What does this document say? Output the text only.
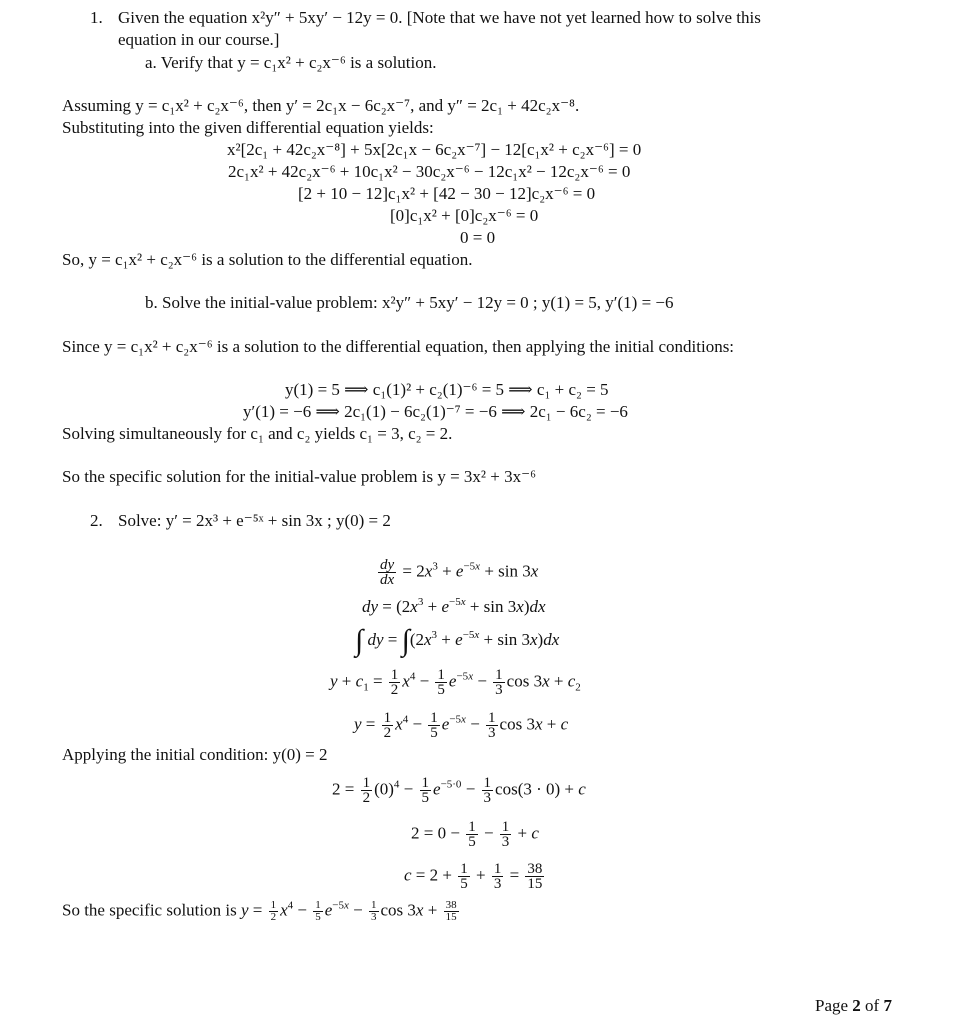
1. Given the equation x²y″ + 5xy′ − 12y = 0. [Note that we have not yet learned how to solve this
equation in our course.]
a. Verify that y = c₁x² + c₂x⁻⁶ is a solution.
Assuming y = c₁x² + c₂x⁻⁶, then y′ = 2c₁x − 6c₂x⁻⁷, and y″ = 2c₁ + 42c₂x⁻⁸.
Substituting into the given differential equation yields:
x²[2c₁ + 42c₂x⁻⁸] + 5x[2c₁x − 6c₂x⁻⁷] − 12[c₁x² + c₂x⁻⁶] = 0
2c₁x² + 42c₂x⁻⁶ + 10c₁x² − 30c₂x⁻⁶ − 12c₁x² − 12c₂x⁻⁶ = 0
[2 + 10 − 12]c₁x² + [42 − 30 − 12]c₂x⁻⁶ = 0
[0]c₁x² + [0]c₂x⁻⁶ = 0
0 = 0
So, y = c₁x² + c₂x⁻⁶ is a solution to the differential equation.
b. Solve the initial-value problem: x²y″ + 5xy′ − 12y = 0 ; y(1) = 5, y′(1) = −6
Since y = c₁x² + c₂x⁻⁶ is a solution to the differential equation, then applying the initial conditions:
y(1) = 5 ⟹ c₁(1)² + c₂(1)⁻⁶ = 5 ⟹ c₁ + c₂ = 5
y′(1) = −6 ⟹ 2c₁(1) − 6c₂(1)⁻⁷ = −6 ⟹ 2c₁ − 6c₂ = −6
Solving simultaneously for c₁ and c₂ yields c₁ = 3, c₂ = 2.
So the specific solution for the initial-value problem is y = 3x² + 3x⁻⁶
2. Solve: y′ = 2x³ + e⁻⁵ˣ + sin 3x ; y(0) = 2
$\frac{dy}{dx} = 2x^3 + e^{-5x} + \sin 3x$
dy = $(2x^3 + e^{-5x} + \sin 3x)dx$
∫ dy = $\int(2x^3 + e^{-5x} + \sin 3x)dx$
$y + c_1 = \frac{1}{2} x^4 - \frac{1}{5} e^{-5x} - \frac{1}{3}$ $\cos 3x + c_2$
$y = \frac{1}{2} x^4 - \frac{1}{5} e^{-5x} - \frac{1}{3}$ cos 3x + c
Applying the initial condition: y(0) = 2
$2 = \frac{1}{2} (0)^4 - \frac{1}{5} e^{-5\cdot 0} - \frac{1}{3} \cos(3 \cdot 0) + c$
$2 = 0 - \frac{1}{5} - \frac{1}{3} + c$
$c = 2 + \frac{1}{5} + \frac{1}{3} = \frac{38}{15}$
So the specific solution is $y = \frac{1}{2} x^4 - \frac{1}{5} e^{-5x} - \frac{1}{3}$ $\cos 3x + \frac{38}{15}$
Page 2 of 7
